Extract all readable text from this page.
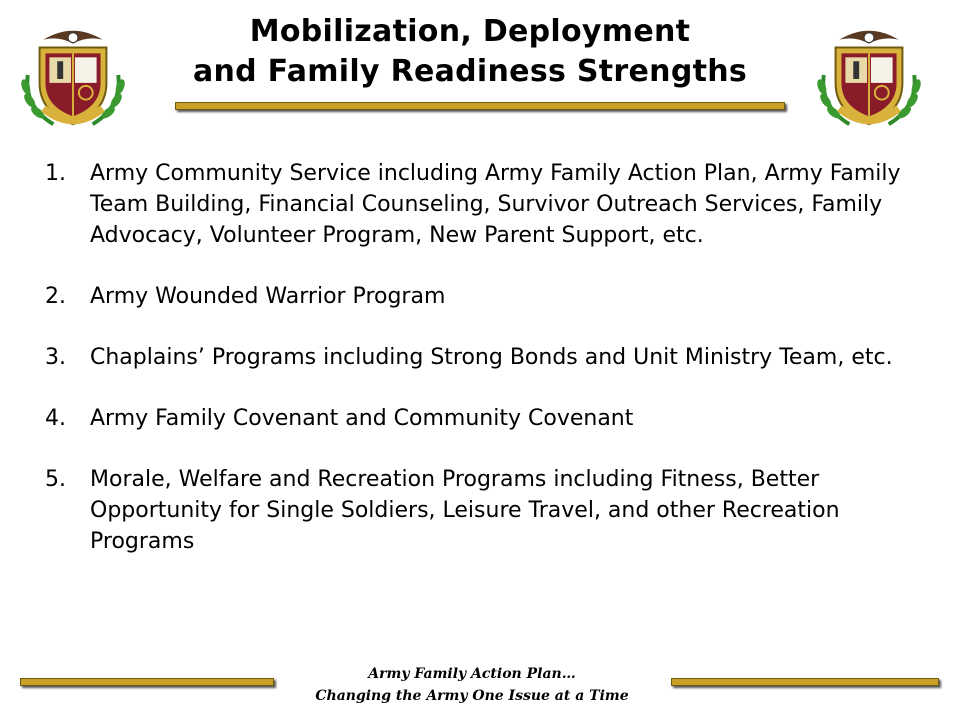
Mobilization, Deployment
and Family Readiness Strengths
1. Army Community Service including Army Family Action Plan, Army Family Team Building, Financial Counseling, Survivor Outreach Services, Family Advocacy, Volunteer Program, New Parent Support, etc.
2. Army Wounded Warrior Program
3. Chaplains’ Programs including Strong Bonds and Unit Ministry Team, etc.
4. Army Family Covenant and Community Covenant
5. Morale, Welfare and Recreation Programs including Fitness, Better Opportunity for Single Soldiers, Leisure Travel, and other Recreation Programs
Army Family Action Plan…
Changing the Army One Issue at a Time
